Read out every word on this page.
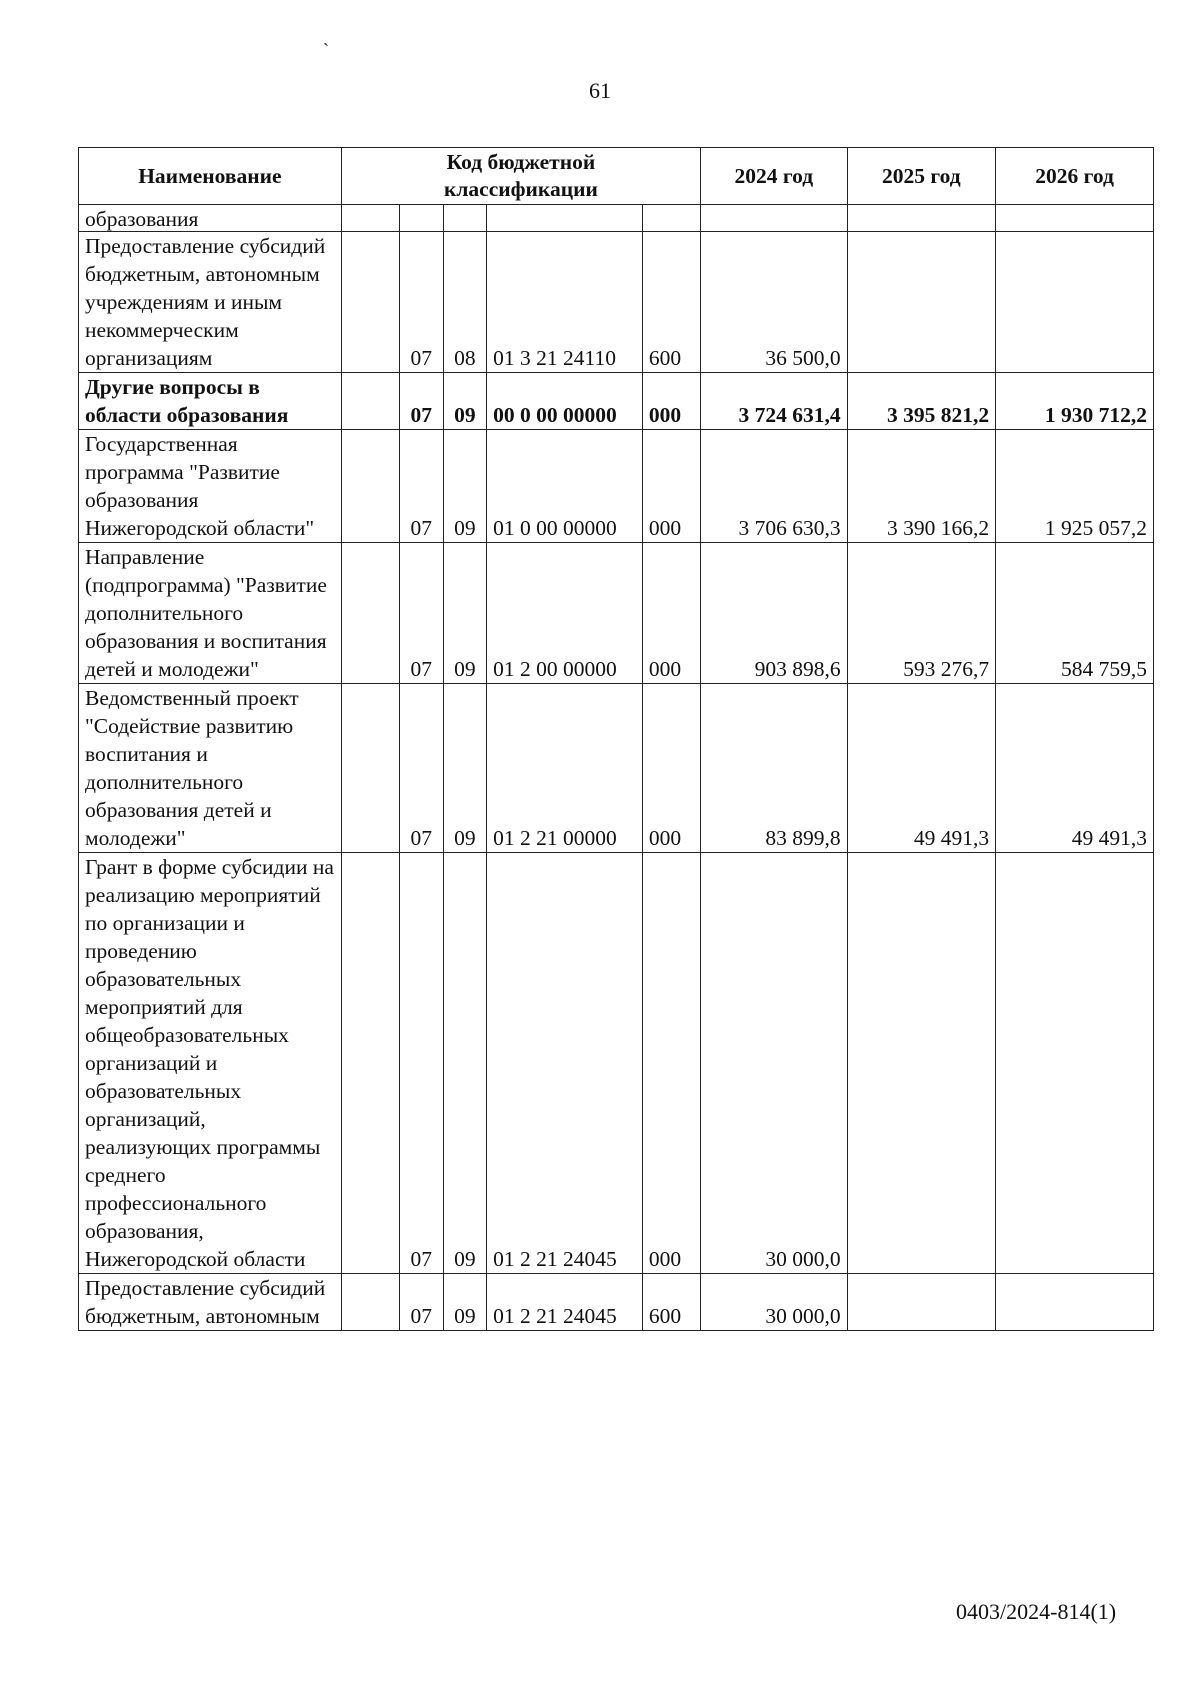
`
61
Наименование	Код бюджетной классификации					2024 год	2025 год	2026 год
образования								
Предоставление субсидий бюджетным, автономным учреждениям и иным некоммерческим организациям		07	08	01 3 21 24110	600	36 500,0		
Другие вопросы в области образования		07	09	00 0 00 00000	000	3 724 631,4	3 395 821,2	1 930 712,2
Государственная программа "Развитие образования Нижегородской области"		07	09	01 0 00 00000	000	3 706 630,3	3 390 166,2	1 925 057,2
Направление (подпрограмма) "Развитие дополнительного образования и воспитания детей и молодежи"		07	09	01 2 00 00000	000	903 898,6	593 276,7	584 759,5
Ведомственный проект "Содействие развитию воспитания и дополнительного образования детей и молодежи"		07	09	01 2 21 00000	000	83 899,8	49 491,3	49 491,3
Грант в форме субсидии на реализацию мероприятий по организации и проведению образовательных мероприятий для общеобразовательных организаций и образовательных организаций, реализующих программы среднего профессионального образования, Нижегородской области		07	09	01 2 21 24045	000	30 000,0		
Предоставление субсидий бюджетным, автономным		07	09	01 2 21 24045	600	30 000,0		
0403/2024-814(1)
